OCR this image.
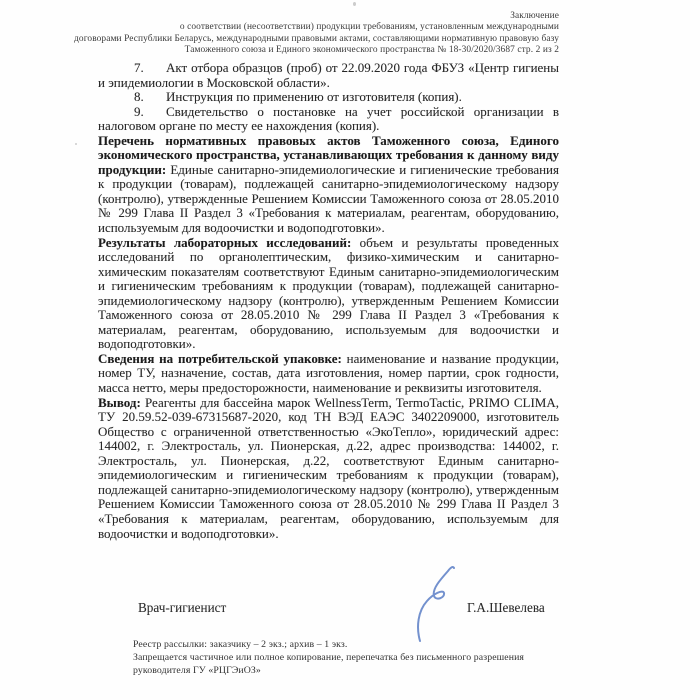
Заключение
о соответствии (несоответствии) продукции требованиям, установленным международными
договорами Республики Беларусь, международными правовыми актами, составляющими нормативную правовую базу
Таможенного союза и Единого экономического пространства № 18-30/2020/3687 стр. 2 из 2

7. Акт отбора образцов (проб) от 22.09.2020 года ФБУЗ «Центр гигиены и эпидемиологии в Московской области».

8. Инструкция по применению от изготовителя (копия).

9. Свидетельство о постановке на учет российской организации в налоговом органе по месту ее нахождения (копия).

Перечень нормативных правовых актов Таможенного союза, Единого экономического пространства, устанавливающих требования к данному виду продукции: Единые санитарно-эпидемиологические и гигиенические требования к продукции (товарам), подлежащей санитарно-эпидемиологическому надзору (контролю), утвержденные Решением Комиссии Таможенного союза от 28.05.2010 № 299 Глава II Раздел 3 «Требования к материалам, реагентам, оборудованию, используемым для водоочистки и водоподготовки».

Результаты лабораторных исследований: объем и результаты проведенных исследований по органолептическим, физико-химическим и санитарно-химическим показателям соответствуют Единым санитарно-эпидемиологическим и гигиеническим требованиям к продукции (товарам), подлежащей санитарно-эпидемиологическому надзору (контролю), утвержденным Решением Комиссии Таможенного союза от 28.05.2010 № 299 Глава II Раздел 3 «Требования к материалам, реагентам, оборудованию, используемым для водоочистки и водоподготовки».

Сведения на потребительской упаковке: наименование и название продукции, номер ТУ, назначение, состав, дата изготовления, номер партии, срок годности, масса нетто, меры предосторожности, наименование и реквизиты изготовителя.

Вывод: Реагенты для бассейна марок WellnessTerm, TermoTactic, PRIMO CLIMA, ТУ 20.59.52-039-67315687-2020, код ТН ВЭД ЕАЭС 3402209000, изготовитель Общество с ограниченной ответственностью «ЭкоТепло», юридический адрес: 144002, г. Электросталь, ул. Пионерская, д.22, адрес производства: 144002, г. Электросталь, ул. Пионерская, д.22, соответствуют Единым санитарно-эпидемиологическим и гигиеническим требованиям к продукции (товарам), подлежащей санитарно-эпидемиологическому надзору (контролю), утвержденным Решением Комиссии Таможенного союза от 28.05.2010 № 299 Глава II Раздел 3 «Требования к материалам, реагентам, оборудованию, используемым для водоочистки и водоподготовки».

Врач-гигиенист	Г.А.Шевелева
Реестр рассылки: заказчику – 2 экз.; архив – 1 экз.
Запрещается частичное или полное копирование, перепечатка без письменного разрешения
руководителя ГУ «РЦГЭиОЗ»
